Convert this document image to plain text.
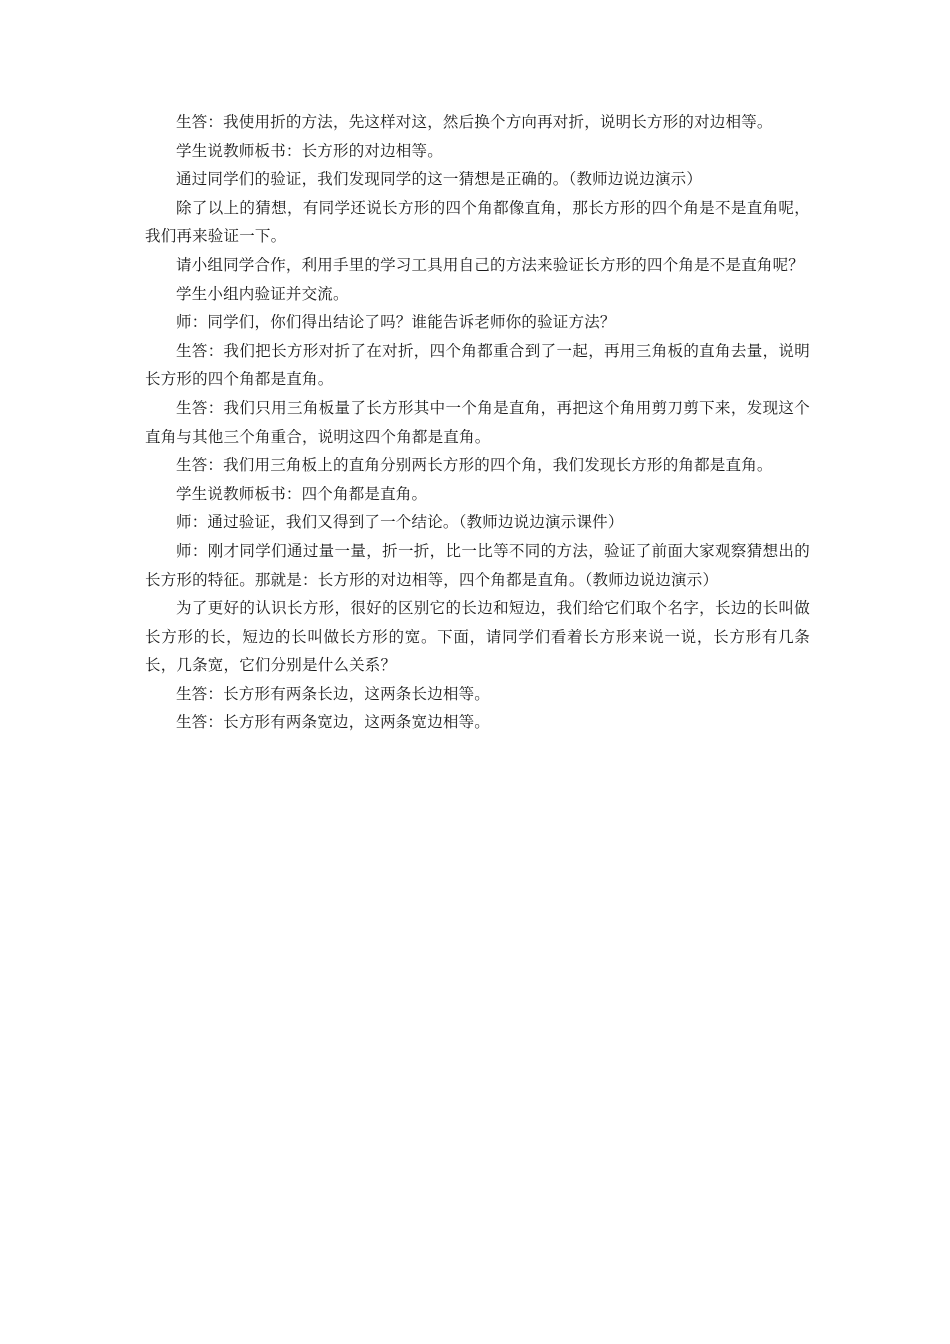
生答：我使用折的方法，先这样对这，然后换个方向再对折，说明长方形的对边相等。

学生说教师板书：长方形的对边相等。

通过同学们的验证，我们发现同学的这一猜想是正确的。（教师边说边演示）

除了以上的猜想，有同学还说长方形的四个角都像直角，那长方形的四个角是不是直角呢，我们再来验证一下。

请小组同学合作，利用手里的学习工具用自己的方法来验证长方形的四个角是不是直角呢？

学生小组内验证并交流。

师：同学们，你们得出结论了吗？谁能告诉老师你的验证方法？

生答：我们把长方形对折了在对折，四个角都重合到了一起，再用三角板的直角去量，说明长方形的四个角都是直角。

生答：我们只用三角板量了长方形其中一个角是直角，再把这个角用剪刀剪下来，发现这个直角与其他三个角重合，说明这四个角都是直角。

生答：我们用三角板上的直角分别两长方形的四个角，我们发现长方形的角都是直角。

学生说教师板书：四个角都是直角。

师：通过验证，我们又得到了一个结论。（教师边说边演示课件）

师：刚才同学们通过量一量，折一折，比一比等不同的方法，验证了前面大家观察猜想出的长方形的特征。那就是：长方形的对边相等，四个角都是直角。（教师边说边演示）

为了更好的认识长方形，很好的区别它的长边和短边，我们给它们取个名字，长边的长叫做长方形的长，短边的长叫做长方形的宽。下面，请同学们看着长方形来说一说，长方形有几条长，几条宽，它们分别是什么关系？

生答：长方形有两条长边，这两条长边相等。

生答：长方形有两条宽边，这两条宽边相等。
